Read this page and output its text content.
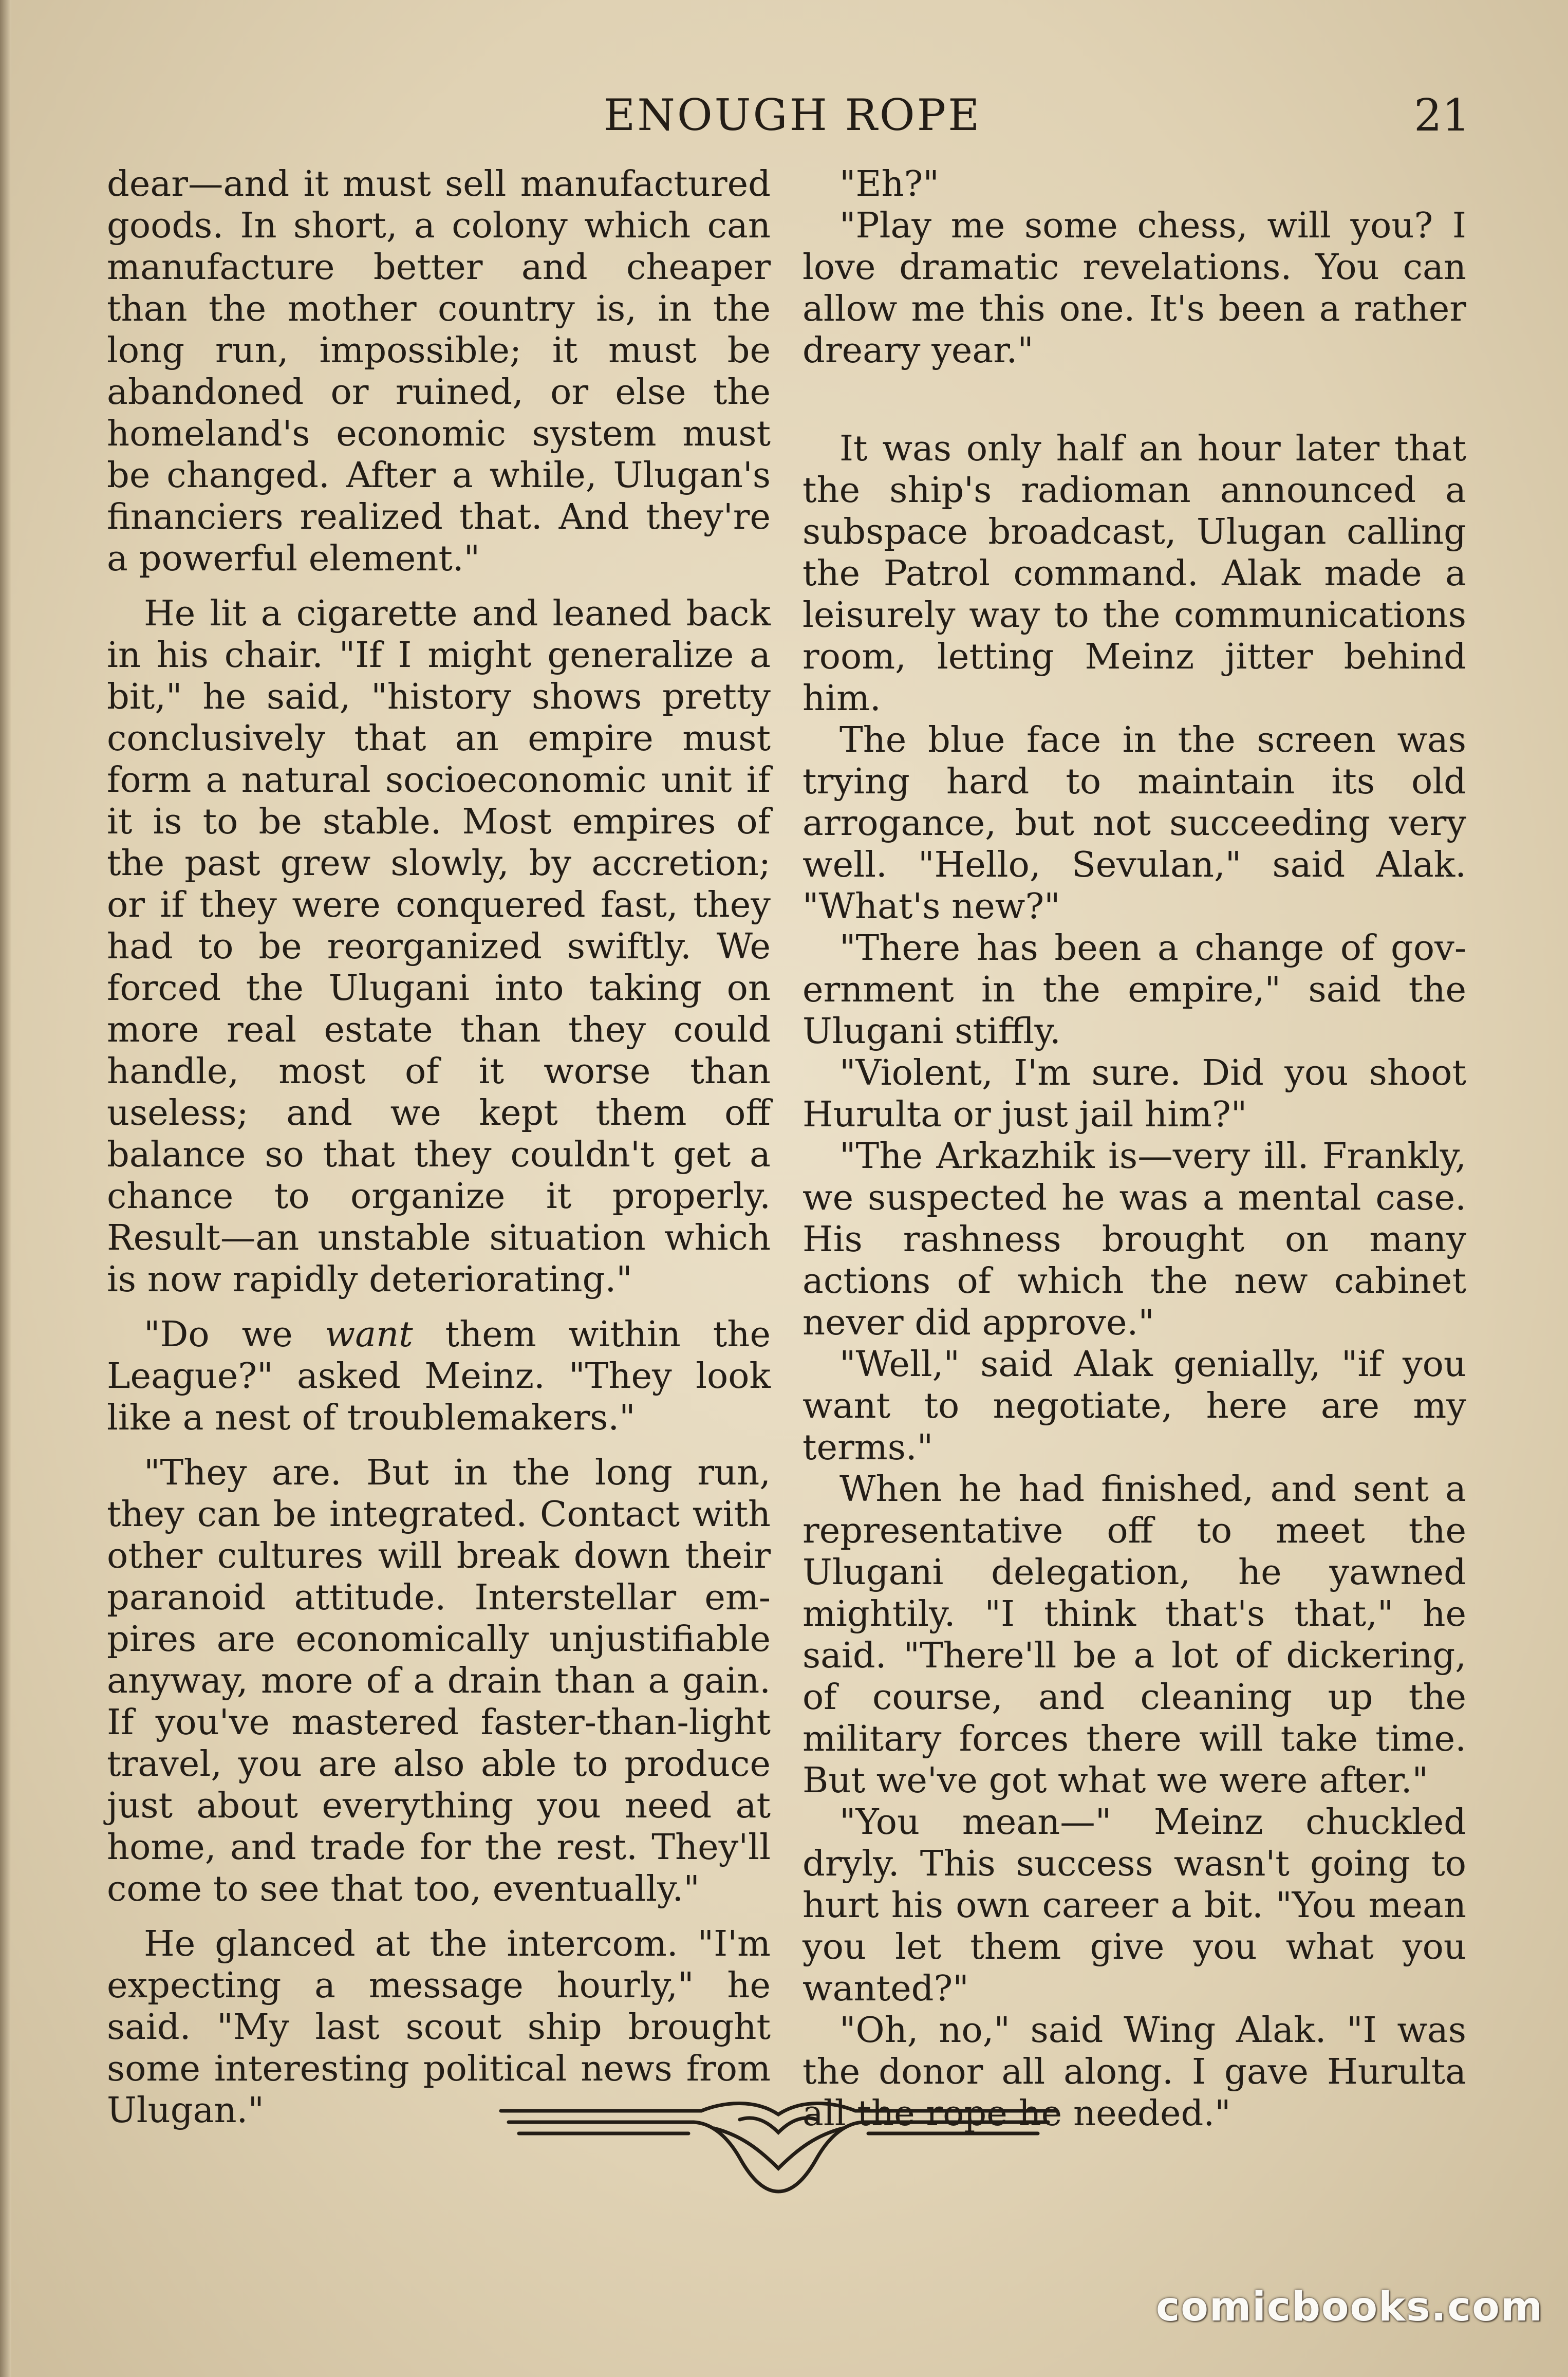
ENOUGH ROPE	21

dear—and it must sell manufactured goods. In short, a colony which can manufacture better and cheaper than the mother country is, in the long run, impossible; it must be abandoned or ruined, or else the homeland's economic system must be changed. After a while, Ulugan's financiers realized that. And they're a powerful element."

He lit a cigarette and leaned back in his chair. "If I might generalize a bit," he said, "history shows pretty conclusively that an empire must form a natural socioeconomic unit if it is to be stable. Most empires of the past grew slowly, by accretion; or if they were conquered fast, they had to be reorganized swiftly. We forced the Ulugani into taking on more real estate than they could handle, most of it worse than useless; and we kept them off balance so that they couldn't get a chance to organize it properly. Result—an unstable situation which is now rapidly deteriorating."

"Do we want them within the League?" asked Meinz. "They look like a nest of troublemakers."

"They are. But in the long run, they can be integrated. Contact with other cultures will break down their paranoid attitude. Interstellar empires are economically unjustifiable anyway, more of a drain than a gain. If you've mastered faster-than-light travel, you are also able to produce just about everything you need at home, and trade for the rest. They'll come to see that too, eventually."

He glanced at the intercom. "I'm expecting a message hourly," he said. "My last scout ship brought some interesting political news from Ulugan."

"Eh?"

"Play me some chess, will you? I love dramatic revelations. You can allow me this one. It's been a rather dreary year."

It was only half an hour later that the ship's radioman announced a subspace broadcast, Ulugan calling the Patrol command. Alak made a leisurely way to the communications room, letting Meinz jitter behind him.

The blue face in the screen was trying hard to maintain its old arrogance, but not succeeding very well. "Hello, Sevulan," said Alak. "What's new?"

"There has been a change of government in the empire," said the Ulugani stiffly.

"Violent, I'm sure. Did you shoot Hurulta or just jail him?"

"The Arkazhik is—very ill. Frankly, we suspected he was a mental case. His rashness brought on many actions of which the new cabinet never did approve."

"Well," said Alak genially, "if you want to negotiate, here are my terms."

When he had finished, and sent a representative off to meet the Ulugani delegation, he yawned mightily. "I think that's that," he said. "There'll be a lot of dickering, of course, and cleaning up the military forces there will take time. But we've got what we were after."

"You mean—" Meinz chuckled dryly. This success wasn't going to hurt his own career a bit. "You mean you let them give you what you wanted?"

"Oh, no," said Wing Alak. "I was the donor all along. I gave Hurulta all the rope he needed."

comicbooks.com
